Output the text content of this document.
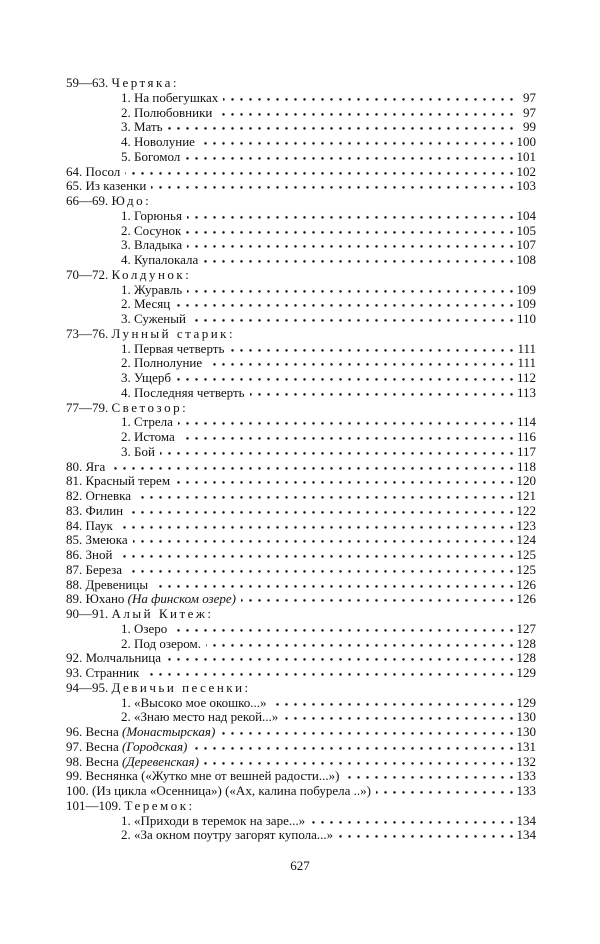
59—63. Чертяка:
1. На побегушках	97
2. Полюбовники	97
3. Мать	99
4. Новолуние	100
5. Богомол	101
64. Посол	102
65. Из казенки	103
66—69. Юдо:
1. Горюнья	104
2. Сосунок	105
3. Владыка	107
4. Купалокала	108
70—72. Колдунок:
1. Журавль	109
2. Месяц	109
3. Суженый	110
73—76. Лунный старик:
1. Первая четверть	111
2. Полнолуние	111
3. Ущерб	112
4. Последняя четверть	113
77—79. Светозор:
1. Стрела	114
2. Истома	116
3. Бой	117
80. Яга	118
81. Красный терем	120
82. Огневка	121
83. Филин	122
84. Паук	123
85. Змеюка	124
86. Зной	125
87. Береза	125
88. Древеницы	126
89. Юхано (На финском озере)	126
90—91. Алый Китеж:
1. Озеро	127
2. Под озером.	128
92. Молчальница	128
93. Странник	129
94—95. Девичьи песенки:
1. «Высоко мое окошко...»	129
2. «Знаю место над рекой...»	130
96. Весна (Монастырская)	130
97. Весна (Городская)	131
98. Весна (Деревенская)	132
99. Веснянка («Жутко мне от вешней радости...»)	133
100. (Из цикла «Осенница») («Ах, калина побурела ..»)	133
101—109. Теремок:
1. «Приходи в теремок на заре...»	134
2. «За окном поутру загорят купола...»	134
627
